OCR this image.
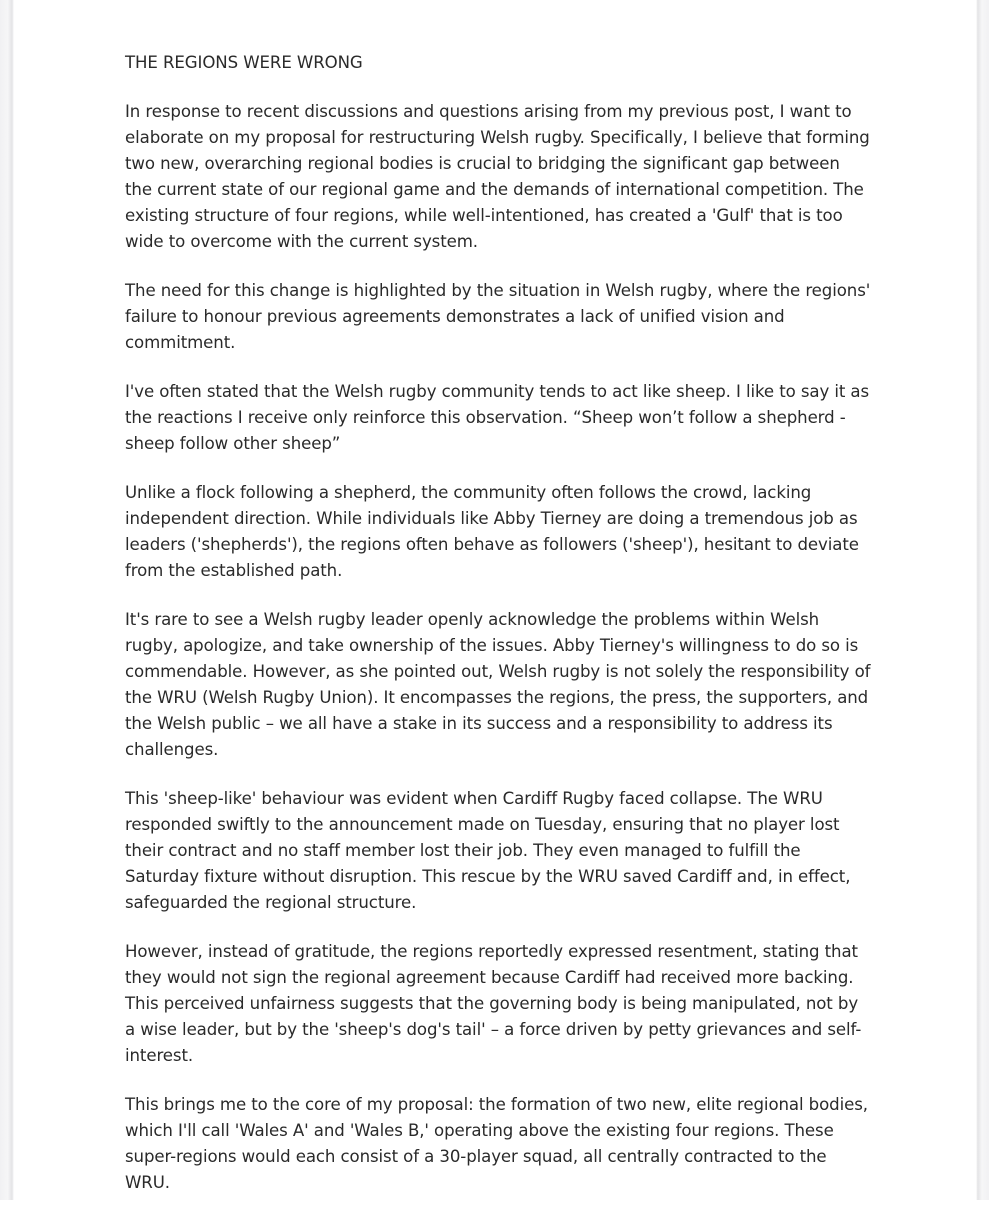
THE REGIONS WERE WRONG

In response to recent discussions and questions arising from my previous post, I want to elaborate on my proposal for restructuring Welsh rugby. Specifically, I believe that forming two new, overarching regional bodies is crucial to bridging the significant gap between the current state of our regional game and the demands of international competition. The existing structure of four regions, while well-intentioned, has created a 'Gulf' that is too wide to overcome with the current system.

The need for this change is highlighted by the situation in Welsh rugby, where the regions' failure to honour previous agreements demonstrates a lack of unified vision and commitment.

I've often stated that the Welsh rugby community tends to act like sheep. I like to say it as the reactions I receive only reinforce this observation. “Sheep won’t follow a shepherd - sheep follow other sheep”

Unlike a flock following a shepherd, the community often follows the crowd, lacking independent direction. While individuals like Abby Tierney are doing a tremendous job as leaders ('shepherds'), the regions often behave as followers ('sheep'), hesitant to deviate from the established path.

It's rare to see a Welsh rugby leader openly acknowledge the problems within Welsh rugby, apologize, and take ownership of the issues. Abby Tierney's willingness to do so is commendable. However, as she pointed out, Welsh rugby is not solely the responsibility of the WRU (Welsh Rugby Union). It encompasses the regions, the press, the supporters, and the Welsh public – we all have a stake in its success and a responsibility to address its challenges.

This 'sheep-like' behaviour was evident when Cardiff Rugby faced collapse. The WRU responded swiftly to the announcement made on Tuesday, ensuring that no player lost their contract and no staff member lost their job. They even managed to fulfill the Saturday fixture without disruption. This rescue by the WRU saved Cardiff and, in effect, safeguarded the regional structure.

However, instead of gratitude, the regions reportedly expressed resentment, stating that they would not sign the regional agreement because Cardiff had received more backing. This perceived unfairness suggests that the governing body is being manipulated, not by a wise leader, but by the 'sheep's dog's tail' – a force driven by petty grievances and self-interest.

This brings me to the core of my proposal: the formation of two new, elite regional bodies, which I'll call 'Wales A' and 'Wales B,' operating above the existing four regions. These super-regions would each consist of a 30-player squad, all centrally contracted to the WRU.
